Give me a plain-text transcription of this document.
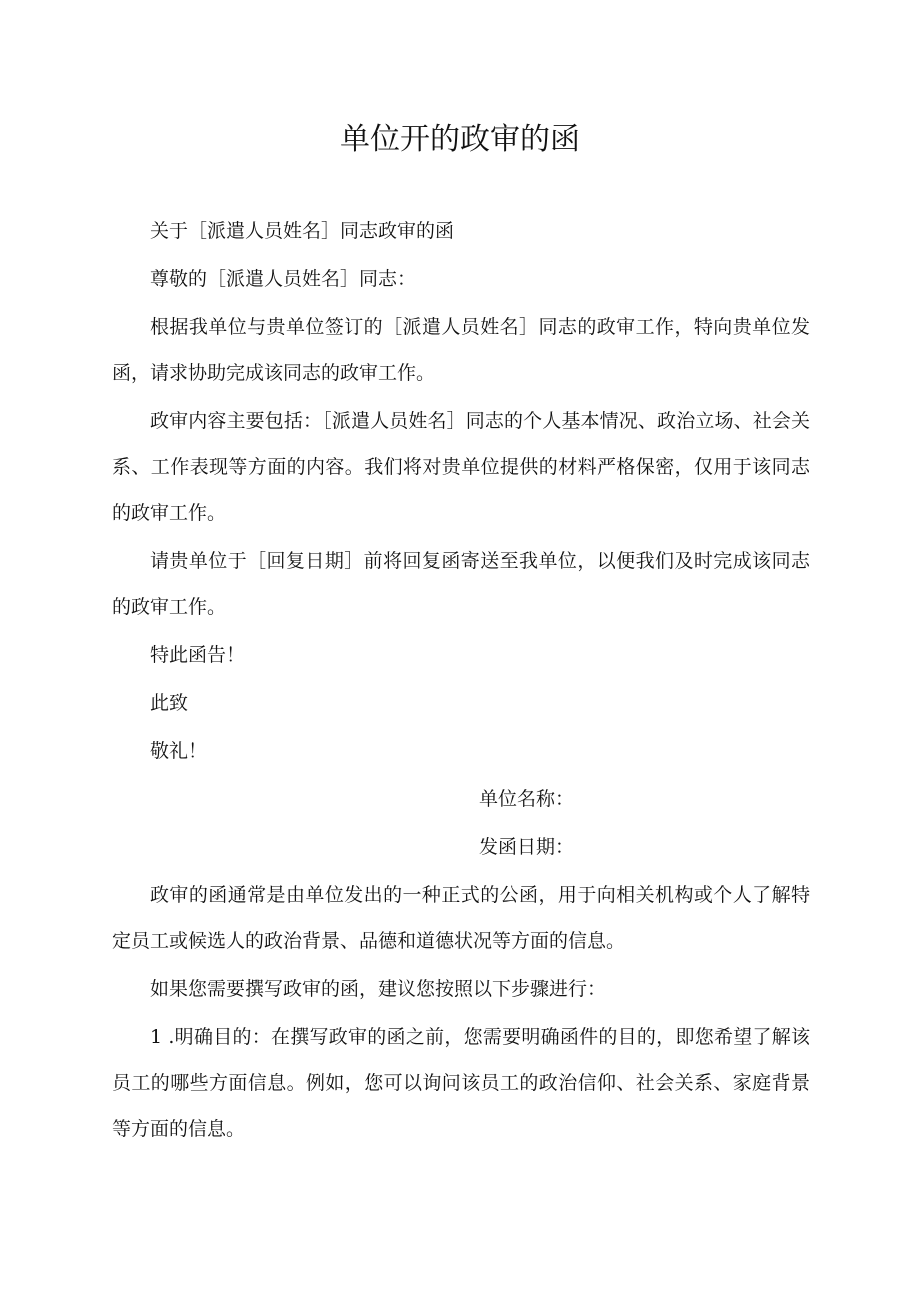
单位开的政审的函

关于［派遣人员姓名］同志政审的函

尊敬的［派遣人员姓名］同志：

根据我单位与贵单位签订的［派遣人员姓名］同志的政审工作，特向贵单位发函，请求协助完成该同志的政审工作。

政审内容主要包括：［派遣人员姓名］同志的个人基本情况、政治立场、社会关系、工作表现等方面的内容。我们将对贵单位提供的材料严格保密，仅用于该同志的政审工作。

请贵单位于［回复日期］前将回复函寄送至我单位，以便我们及时完成该同志的政审工作。

特此函告！

此致

敬礼！

单位名称：

发函日期：

政审的函通常是由单位发出的一种正式的公函，用于向相关机构或个人了解特定员工或候选人的政治背景、品德和道德状况等方面的信息。

如果您需要撰写政审的函，建议您按照以下步骤进行：

1 .明确目的：在撰写政审的函之前，您需要明确函件的目的，即您希望了解该员工的哪些方面信息。例如，您可以询问该员工的政治信仰、社会关系、家庭背景等方面的信息。
